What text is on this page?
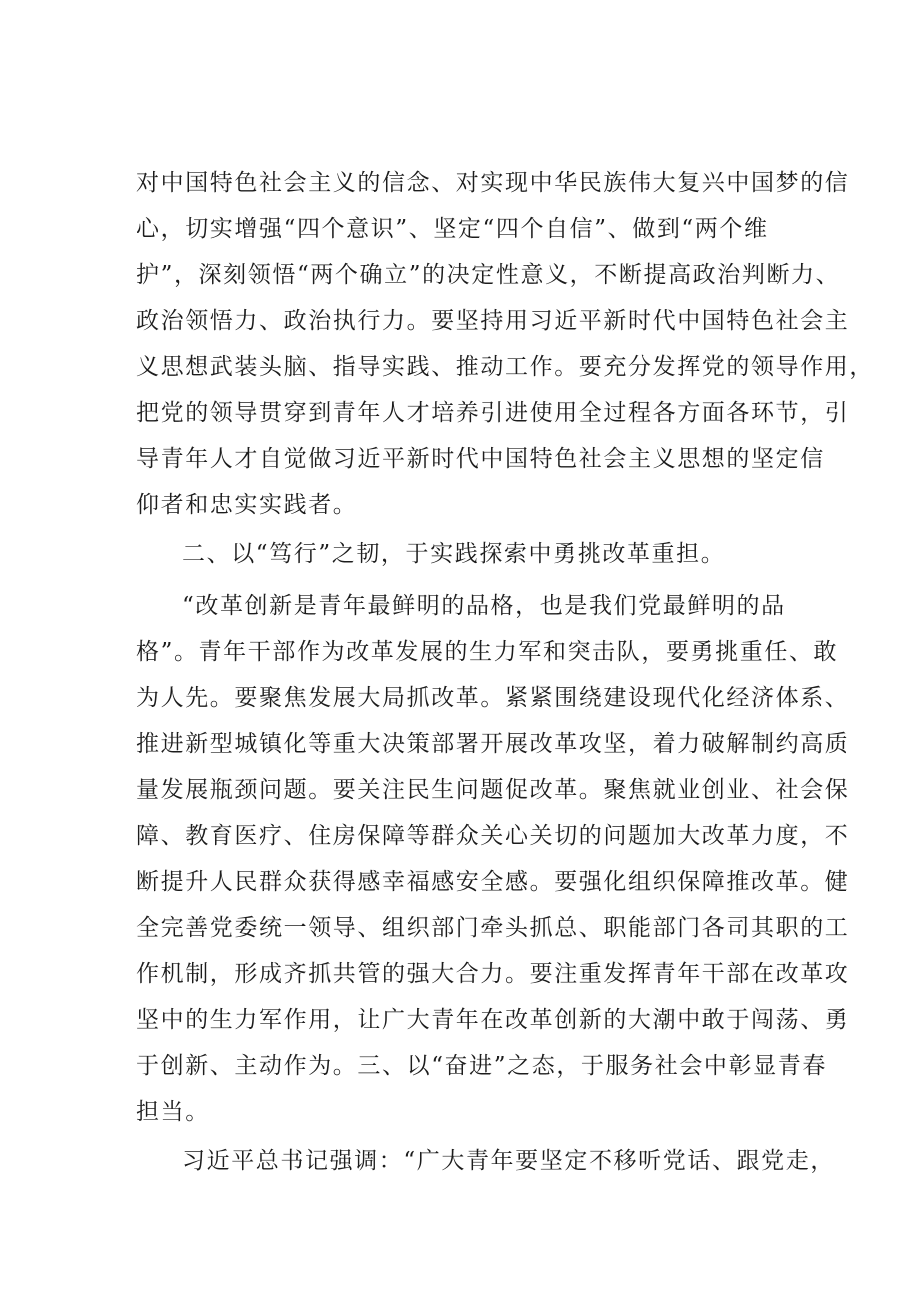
对中国特色社会主义的信念、对实现中华民族伟大复兴中国梦的信
心，切实增强“四个意识”、坚定“四个自信”、做到“两个维
护”，深刻领悟“两个确立”的决定性意义，不断提高政治判断力、
政治领悟力、政治执行力。要坚持用习近平新时代中国特色社会主
义思想武装头脑、指导实践、推动工作。要充分发挥党的领导作用，
把党的领导贯穿到青年人才培养引进使用全过程各方面各环节，引
导青年人才自觉做习近平新时代中国特色社会主义思想的坚定信
仰者和忠实实践者。
二、以“笃行”之韧，于实践探索中勇挑改革重担。
“改革创新是青年最鲜明的品格，也是我们党最鲜明的品
格”。青年干部作为改革发展的生力军和突击队，要勇挑重任、敢
为人先。要聚焦发展大局抓改革。紧紧围绕建设现代化经济体系、
推进新型城镇化等重大决策部署开展改革攻坚，着力破解制约高质
量发展瓶颈问题。要关注民生问题促改革。聚焦就业创业、社会保
障、教育医疗、住房保障等群众关心关切的问题加大改革力度，不
断提升人民群众获得感幸福感安全感。要强化组织保障推改革。健
全完善党委统一领导、组织部门牵头抓总、职能部门各司其职的工
作机制，形成齐抓共管的强大合力。要注重发挥青年干部在改革攻
坚中的生力军作用，让广大青年在改革创新的大潮中敢于闯荡、勇
于创新、主动作为。三、以“奋进”之态，于服务社会中彰显青春
担当。
习近平总书记强调：“广大青年要坚定不移听党话、跟党走，
